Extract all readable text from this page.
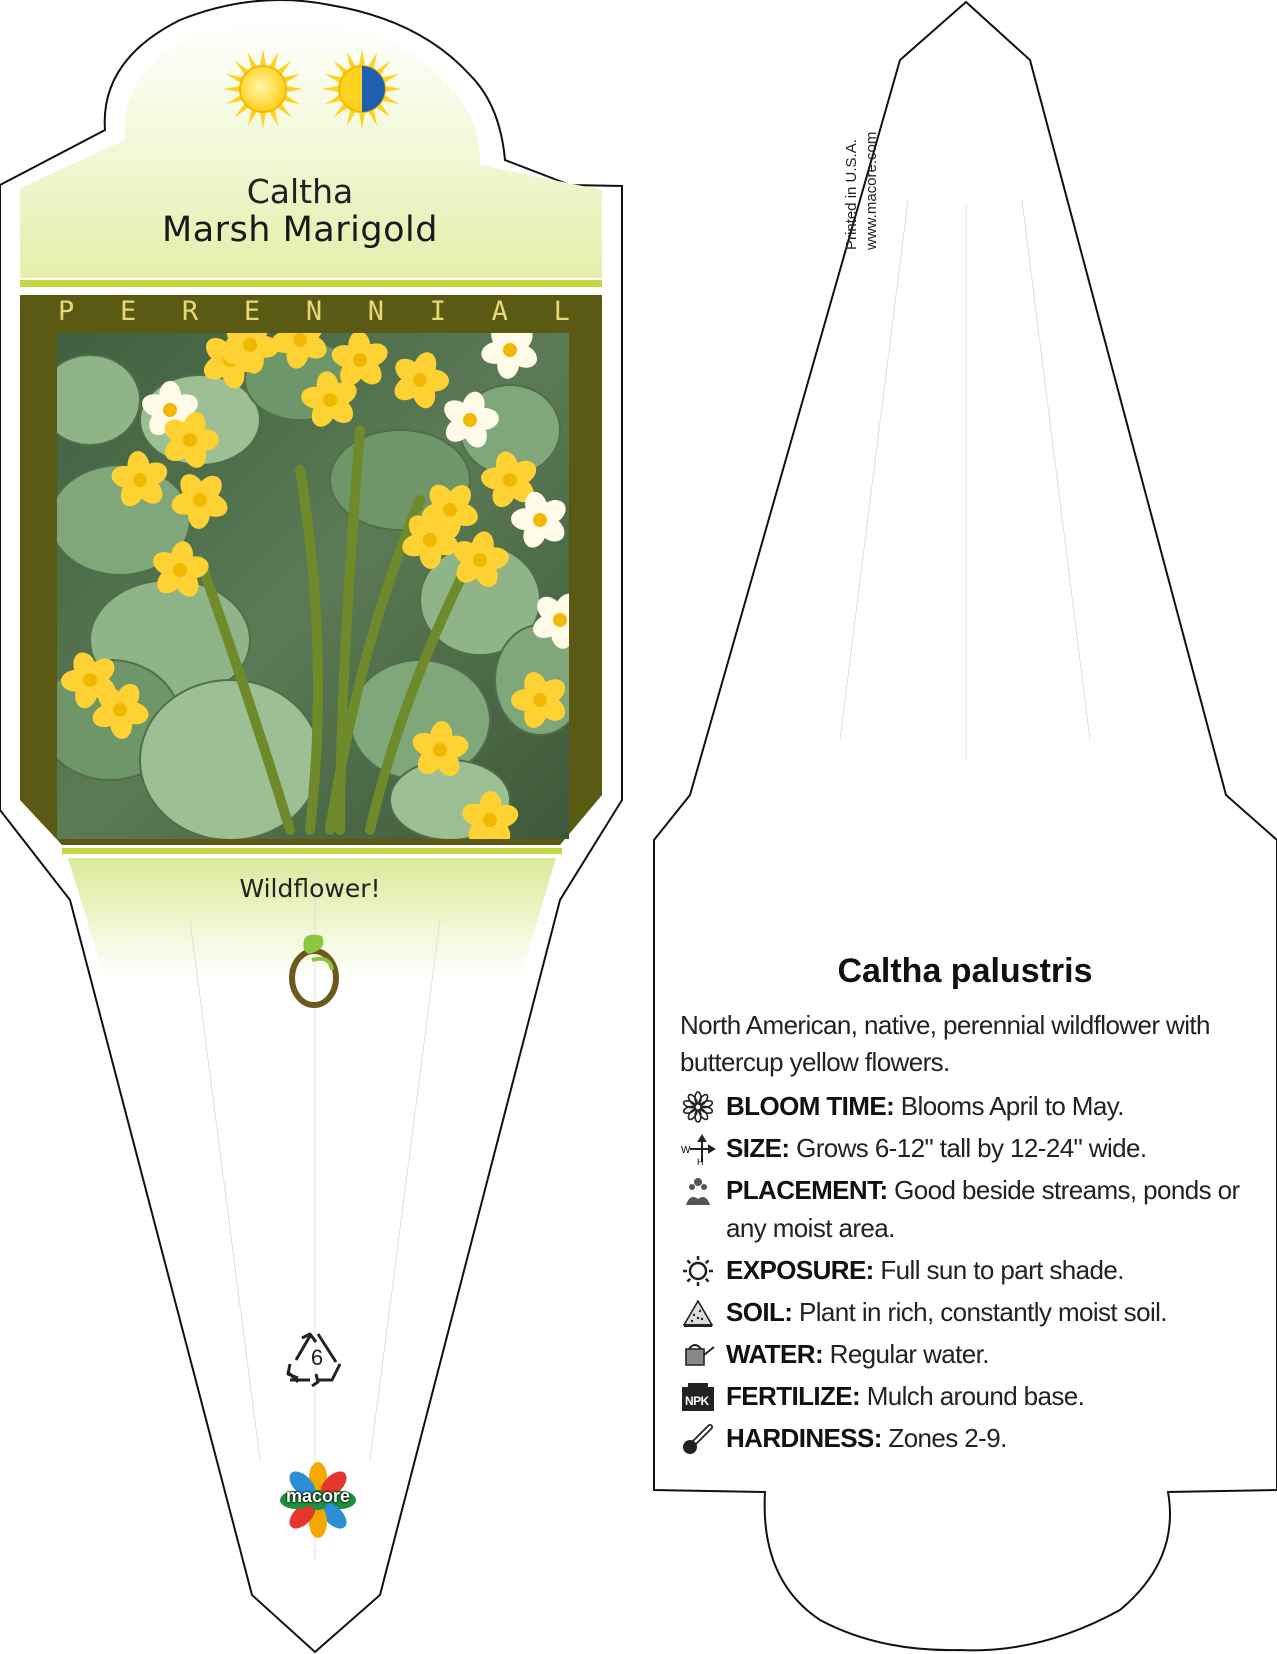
Caltha
Marsh Marigold
P E R E N N I A L
Wildflower!
6
macore
Printed in U.S.A. www.macore.com
Caltha palustris
North American, native, perennial wildflower with buttercup yellow flowers.
BLOOM TIME: Blooms April to May.
W
H SIZE: Grows 6-12" tall by 12-24" wide.
PLACEMENT: Good beside streams, ponds or any moist area.
EXPOSURE: Full sun to part shade.
SOIL: Plant in rich, constantly moist soil.
WATER: Regular water.
NPK FERTILIZE: Mulch around base.
HARDINESS: Zones 2-9.
